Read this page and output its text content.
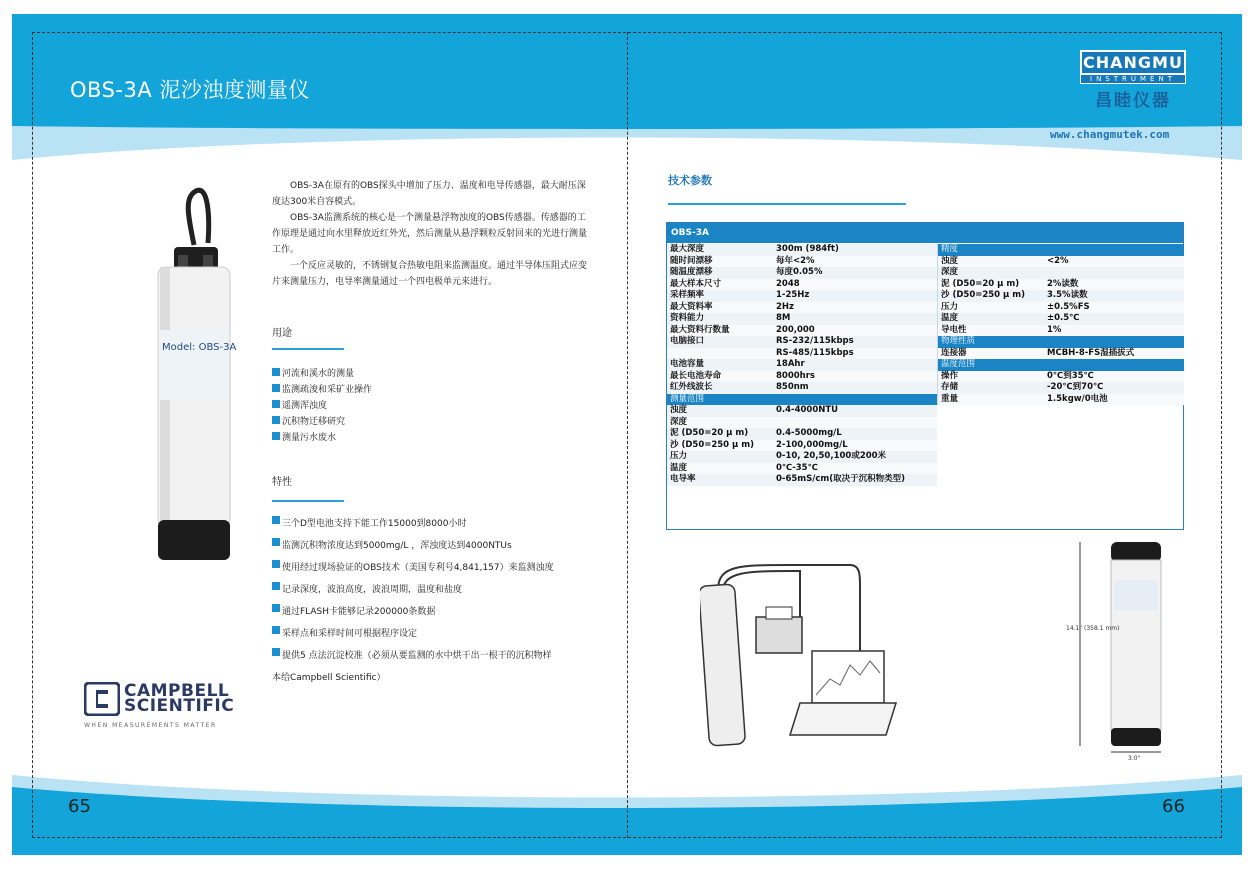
OBS-3A 泥沙浊度测量仪
CHANGMU
INSTRUMENT
昌睦仪器
www.changmutek.com
Model: OBS-3A

OBS-3A在原有的OBS探头中增加了压力、温度和电导传感器，最大耐压深度达300米自容模式。

OBS-3A监测系统的核心是一个测量悬浮物浊度的OBS传感器。传感器的工作原理是通过向水里释放近红外光，然后测量从悬浮颗粒反射回来的光进行测量工作。

一个反应灵敏的，不锈钢复合热敏电阻来监测温度。通过半导体压阻式应变片来测量压力，电导率测量通过一个四电极单元来进行。

用途
河流和溪水的测量
监测疏浚和采矿业操作
遥测浑浊度
沉积物迁移研究
测量污水废水
特性
三个D型电池支持下能工作15000到8000小时
监测沉积物浓度达到5000mg/L ，浑浊度达到4000NTUs
使用经过现场验证的OBS技术（美国专利号4,841,157）来监测浊度
记录深度，波浪高度，波浪周期，温度和盐度
通过FLASH卡能够记录200000条数据
采样点和采样时间可根据程序设定
提供5 点法沉淀校准（必须从要监测的水中烘干出一根干的沉积物样
本给Campbell Scientific）
CAMPBELL
SCIENTIFIC
WHEN MEASUREMENTS MATTER
技术参数
OBS-3A
最大深度	300m (984ft)
随时间漂移	每年<2%
随温度漂移	每度0.05%
最大样本尺寸	2048
采样频率	1-25Hz
最大资料率	2Hz
资料能力	8M
最大资料行数量	200,000
电脑接口	RS-232/115kbps
RS-485/115kbps
电池容量	18Ahr
最长电池寿命	8000hrs
红外线波长	850nm
测量范围
浊度	0.4-4000NTU
深度
泥 (D50=20 μ m)	0.4-5000mg/L
沙 (D50=250 μ m)	2-100,000mg/L
压力	0-10, 20,50,100或200米
温度	0℃-35℃
电导率	0-65mS/cm(取决于沉积物类型)
精度
浊度	<2%
深度
泥 (D50=20 μ m)	2%读数
沙 (D50=250 μ m)	3.5%读数
压力	±0.5%FS
温度	±0.5℃
导电性	1%
物理性质
连接器	MCBH-8-FS湿插拔式
温度范围
操作	0℃到35℃
存储	-20℃到70℃
重量	1.5kgw/0电池
14.1" (358.1 mm)
3.0"
65	66
